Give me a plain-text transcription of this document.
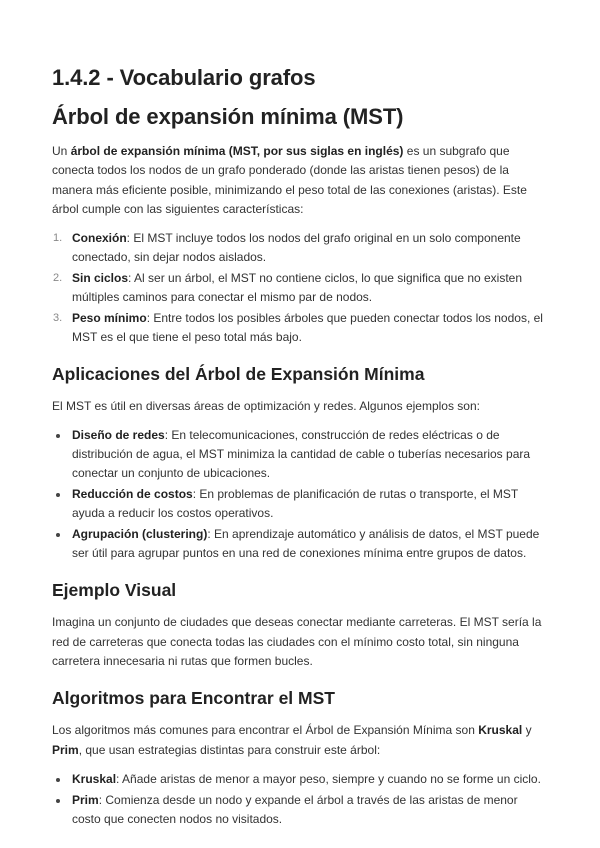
1.4.2 - Vocabulario grafos
Árbol de expansión mínima (MST)

Un árbol de expansión mínima (MST, por sus siglas en inglés) es un subgrafo que conecta todos los nodos de un grafo ponderado (donde las aristas tienen pesos) de la manera más eficiente posible, minimizando el peso total de las conexiones (aristas). Este árbol cumple con las siguientes características:

1. Conexión: El MST incluye todos los nodos del grafo original en un solo componente conectado, sin dejar nodos aislados.
2. Sin ciclos: Al ser un árbol, el MST no contiene ciclos, lo que significa que no existen múltiples caminos para conectar el mismo par de nodos.
3. Peso mínimo: Entre todos los posibles árboles que pueden conectar todos los nodos, el MST es el que tiene el peso total más bajo.
Aplicaciones del Árbol de Expansión Mínima

El MST es útil en diversas áreas de optimización y redes. Algunos ejemplos son:

Diseño de redes: En telecomunicaciones, construcción de redes eléctricas o de distribución de agua, el MST minimiza la cantidad de cable o tuberías necesarios para conectar un conjunto de ubicaciones.
Reducción de costos: En problemas de planificación de rutas o transporte, el MST ayuda a reducir los costos operativos.
Agrupación (clustering): En aprendizaje automático y análisis de datos, el MST puede ser útil para agrupar puntos en una red de conexiones mínima entre grupos de datos.
Ejemplo Visual

Imagina un conjunto de ciudades que deseas conectar mediante carreteras. El MST sería la red de carreteras que conecta todas las ciudades con el mínimo costo total, sin ninguna carretera innecesaria ni rutas que formen bucles.

Algoritmos para Encontrar el MST

Los algoritmos más comunes para encontrar el Árbol de Expansión Mínima son Kruskal y Prim, que usan estrategias distintas para construir este árbol:

Kruskal: Añade aristas de menor a mayor peso, siempre y cuando no se forme un ciclo.
Prim: Comienza desde un nodo y expande el árbol a través de las aristas de menor costo que conecten nodos no visitados.
